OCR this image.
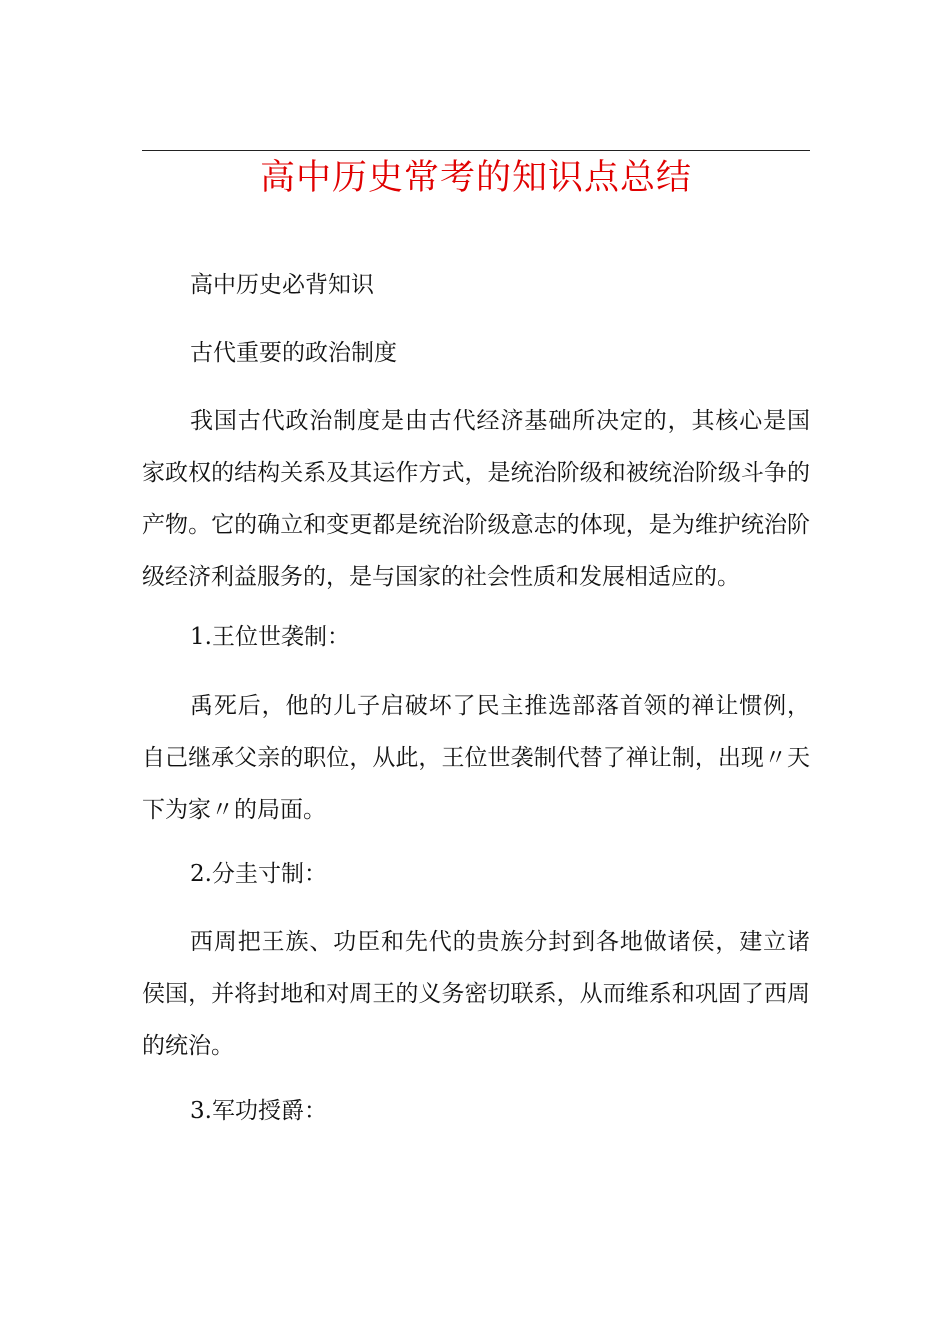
高中历史常考的知识点总结

高中历史必背知识

古代重要的政治制度

我国古代政治制度是由古代经济基础所决定的，其核心是国家政权的结构关系及其运作方式，是统治阶级和被统治阶级斗争的产物。它的确立和变更都是统治阶级意志的体现，是为维护统治阶级经济利益服务的，是与国家的社会性质和发展相适应的。

1.王位世袭制：

禹死后，他的儿子启破坏了民主推选部落首领的禅让惯例，自己继承父亲的职位，从此，王位世袭制代替了禅让制，出现〃天下为家〃的局面。

2.分圭寸制：

西周把王族、功臣和先代的贵族分封到各地做诸侯，建立诸侯国，并将封地和对周王的义务密切联系，从而维系和巩固了西周的统治。

3.军功授爵：
